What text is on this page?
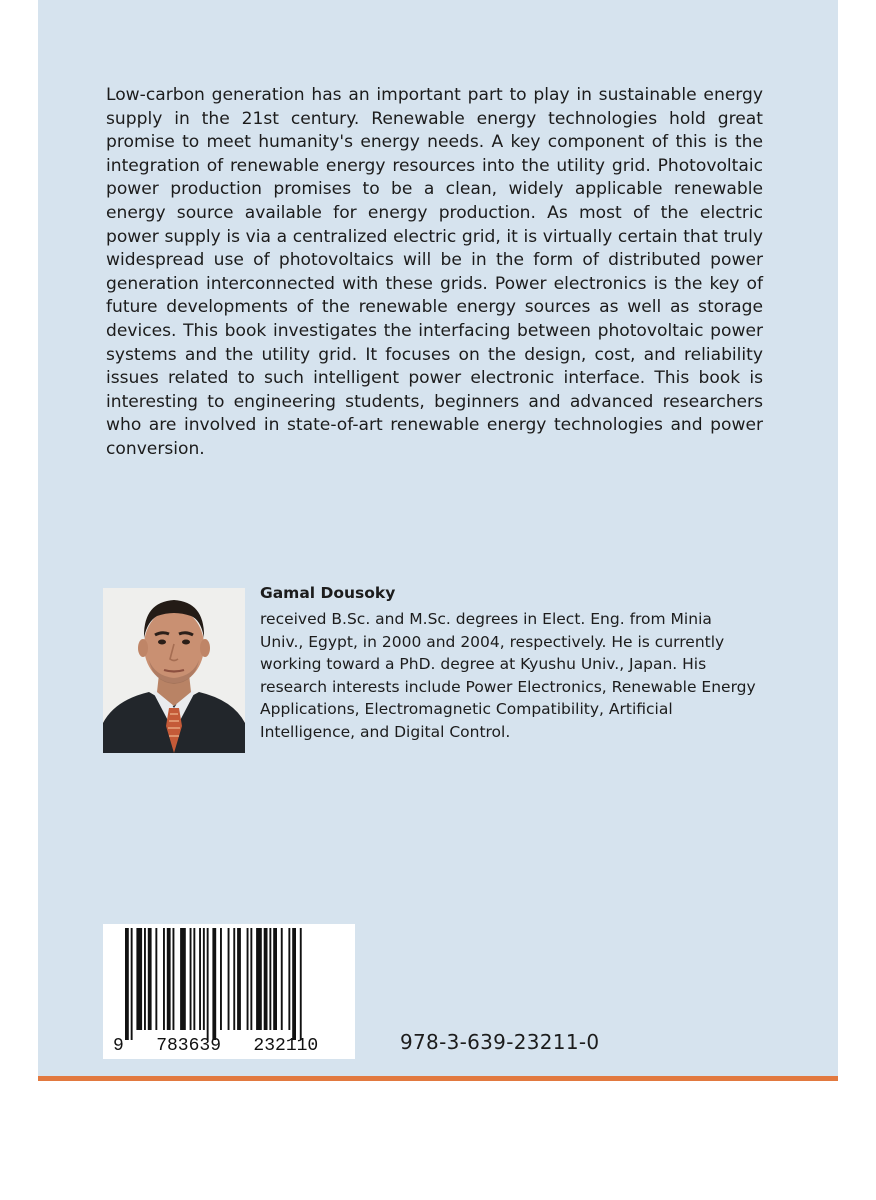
Low-carbon generation has an important part to play in sustainable energy supply in the 21st century. Renewable energy technologies hold great promise to meet humanity's energy needs. A key component of this is the integration of renewable energy resources into the utility grid. Photovoltaic power production promises to be a clean, widely applicable renewable energy source available for energy production. As most of the electric power supply is via a centralized electric grid, it is virtually certain that truly widespread use of photovoltaics will be in the form of distributed power generation interconnected with these grids. Power electronics is the key of future developments of the renewable energy sources as well as storage devices. This book investigates the interfacing between photovoltaic power systems and the utility grid. It focuses on the design, cost, and reliability issues related to such intelligent power electronic interface. This book is interesting to engineering students, beginners and advanced researchers who are involved in state-of-art renewable energy technologies and power conversion.

Gamal Dousoky

received B.Sc. and M.Sc. degrees in Elect. Eng. from Minia Univ., Egypt, in 2000 and 2004, respectively. He is currently working toward a PhD. degree at Kyushu Univ., Japan. His research interests include Power Electronics, Renewable Energy Applications, Electromagnetic Compatibility, Artificial Intelligence, and Digital Control.

9   783639   232110	978-3-639-23211-0
